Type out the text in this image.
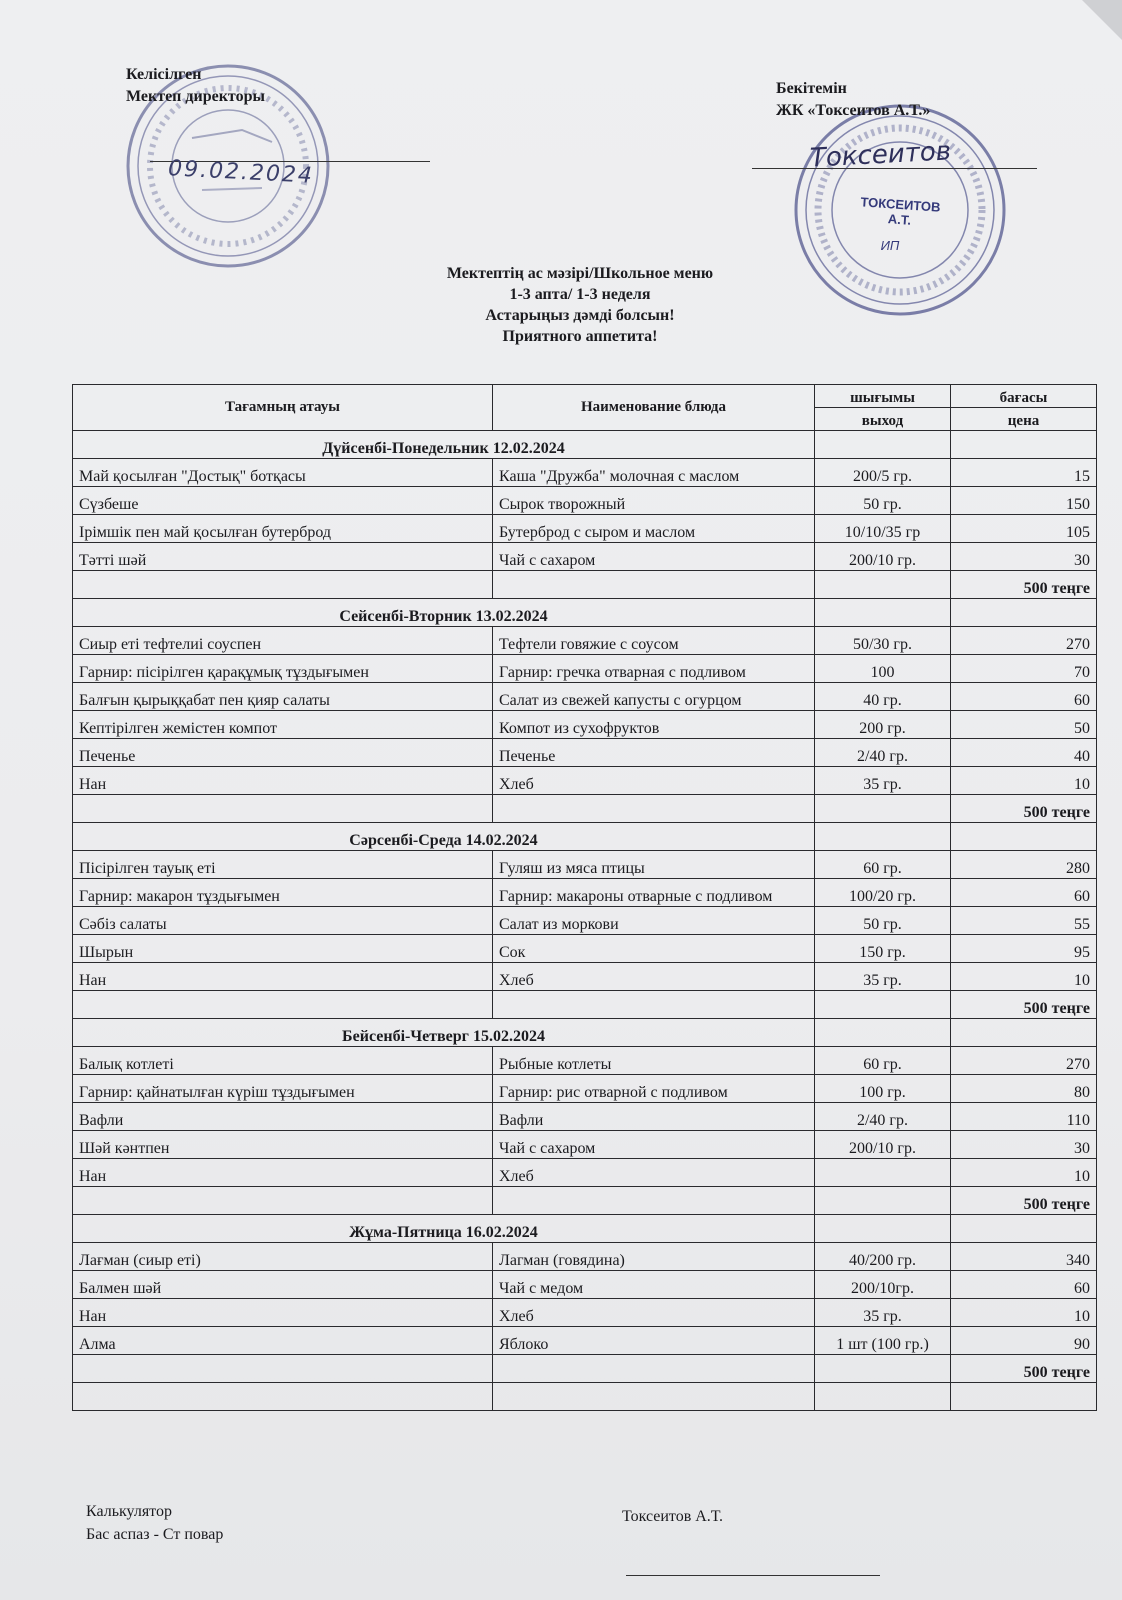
ТОКСЕИТОВ А.Т.
ИП
Келісілген
Мектеп директоры
09.02.2024
Бекітемін
ЖК «Токсеитов А.Т.»
Токсеитов
Мектептің ас мәзірі/Школьное меню
1-3 апта/ 1-3 неделя
Астарыңыз дәмді болсын!
Приятного аппетита!
Тағамның атауы	Наименование блюда	шығымы	бағасы
		выход	цена
Дүйсенбі-Понедельник 12.02.2024			
Май қосылған "Достық" ботқасы	Каша "Дружба" молочная с маслом	200/5 гр.	15
Сүзбеше	Сырок творожный	50 гр.	150
Ірімшік пен май қосылған бутерброд	Бутерброд с сыром и маслом	10/10/35 гр	105
Тәтті шәй	Чай с сахаром	200/10 гр.	30
			500 теңге
Сейсенбі-Вторник 13.02.2024			
Сиыр еті тефтелиі соуспен	Тефтели говяжие с соусом	50/30 гр.	270
Гарнир: пісірілген қарақұмық тұздығымен	Гарнир: гречка отварная с подливом	100	70
Балғын қырыққабат пен қияр салаты	Салат из свежей капусты с огурцом	40 гр.	60
Кептірілген жемістен компот	Компот из сухофруктов	200 гр.	50
Печенье	Печенье	2/40 гр.	40
Нан	Хлеб	35 гр.	10
			500 теңге
Сәрсенбі-Среда 14.02.2024			
Пісірілген тауық еті	Гуляш из мяса птицы	60 гр.	280
Гарнир: макарон тұздығымен	Гарнир: макароны отварные с подливом	100/20 гр.	60
Сәбіз салаты	Салат из моркови	50 гр.	55
Шырын	Сок	150 гр.	95
Нан	Хлеб	35 гр.	10
			500 теңге
Бейсенбі-Четверг 15.02.2024			
Балық котлеті	Рыбные котлеты	60 гр.	270
Гарнир: қайнатылған күріш тұздығымен	Гарнир: рис отварной с подливом	100 гр.	80
Вафли	Вафли	2/40 гр.	110
Шәй кәнтпен	Чай с сахаром	200/10 гр.	30
Нан	Хлеб		10
			500 теңге
Жұма-Пятница 16.02.2024			
Лағман (сиыр еті)	Лагман (говядина)	40/200 гр.	340
Балмен шәй	Чай с медом	200/10гр.	60
Нан	Хлеб	35 гр.	10
Алма	Яблоко	1 шт (100 гр.)	90
			500 теңге

Калькулятор
Бас аспаз - Ст повар
Токсеитов А.Т.
